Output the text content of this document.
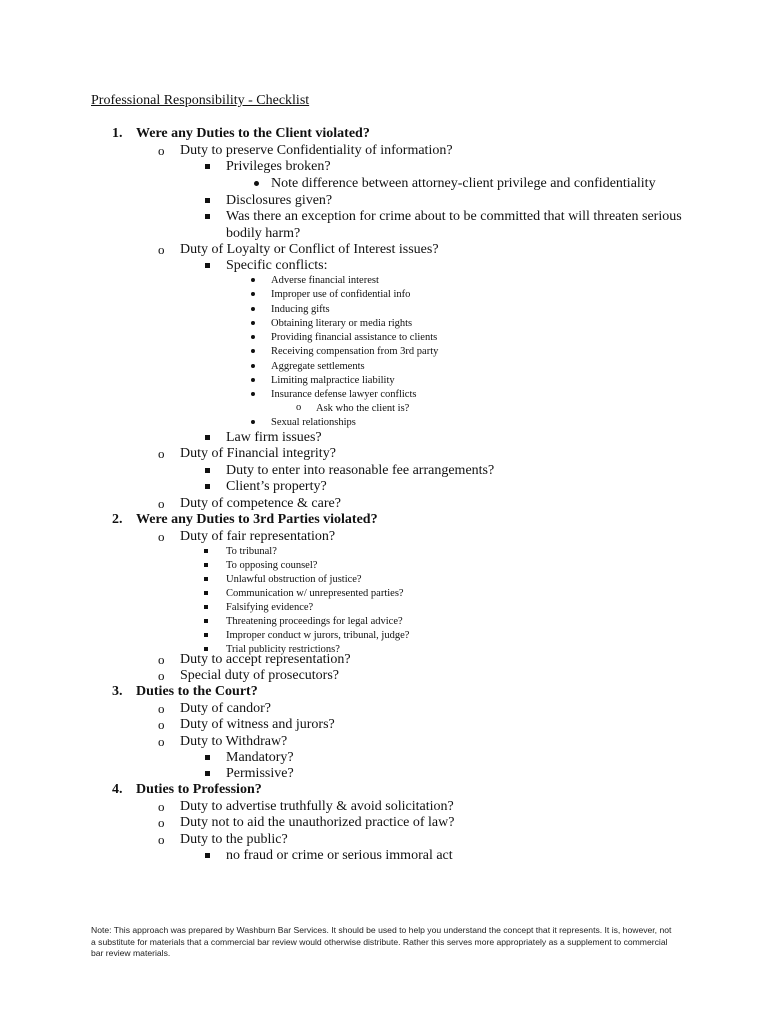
Professional Responsibility - Checklist
1. Were any Duties to the Client violated?
o Duty to preserve Confidentiality of information?
Privileges broken?
Note difference between attorney-client privilege and confidentiality
Disclosures given?
Was there an exception for crime about to be committed that will threaten serious
bodily harm?
o Duty of Loyalty or Conflict of Interest issues?
Specific conflicts:
Adverse financial interest
Improper use of confidential info
Inducing gifts
Obtaining literary or media rights
Providing financial assistance to clients
Receiving compensation from 3rd party
Aggregate settlements
Limiting malpractice liability
Insurance defense lawyer conflicts
o Ask who the client is?
Sexual relationships
Law firm issues?
o Duty of Financial integrity?
Duty to enter into reasonable fee arrangements?
Client’s property?
o Duty of competence & care?
2. Were any Duties to 3rd Parties violated?
o Duty of fair representation?
To tribunal?
To opposing counsel?
Unlawful obstruction of justice?
Communication w/ unrepresented parties?
Falsifying evidence?
Threatening proceedings for legal advice?
Improper conduct w jurors, tribunal, judge?
Trial publicity restrictions?
o Duty to accept representation?
o Special duty of prosecutors?
3. Duties to the Court?
o Duty of candor?
o Duty of witness and jurors?
o Duty to Withdraw?
Mandatory?
Permissive?
4. Duties to Profession?
o Duty to advertise truthfully & avoid solicitation?
o Duty not to aid the unauthorized practice of law?
o Duty to the public?
no fraud or crime or serious immoral act
Note: This approach was prepared by Washburn Bar Services. It should be used to help you understand the concept that it represents. It is, however, not a substitute for materials that a commercial bar review would otherwise distribute. Rather this serves more appropriately as a supplement to commercial bar review materials.
